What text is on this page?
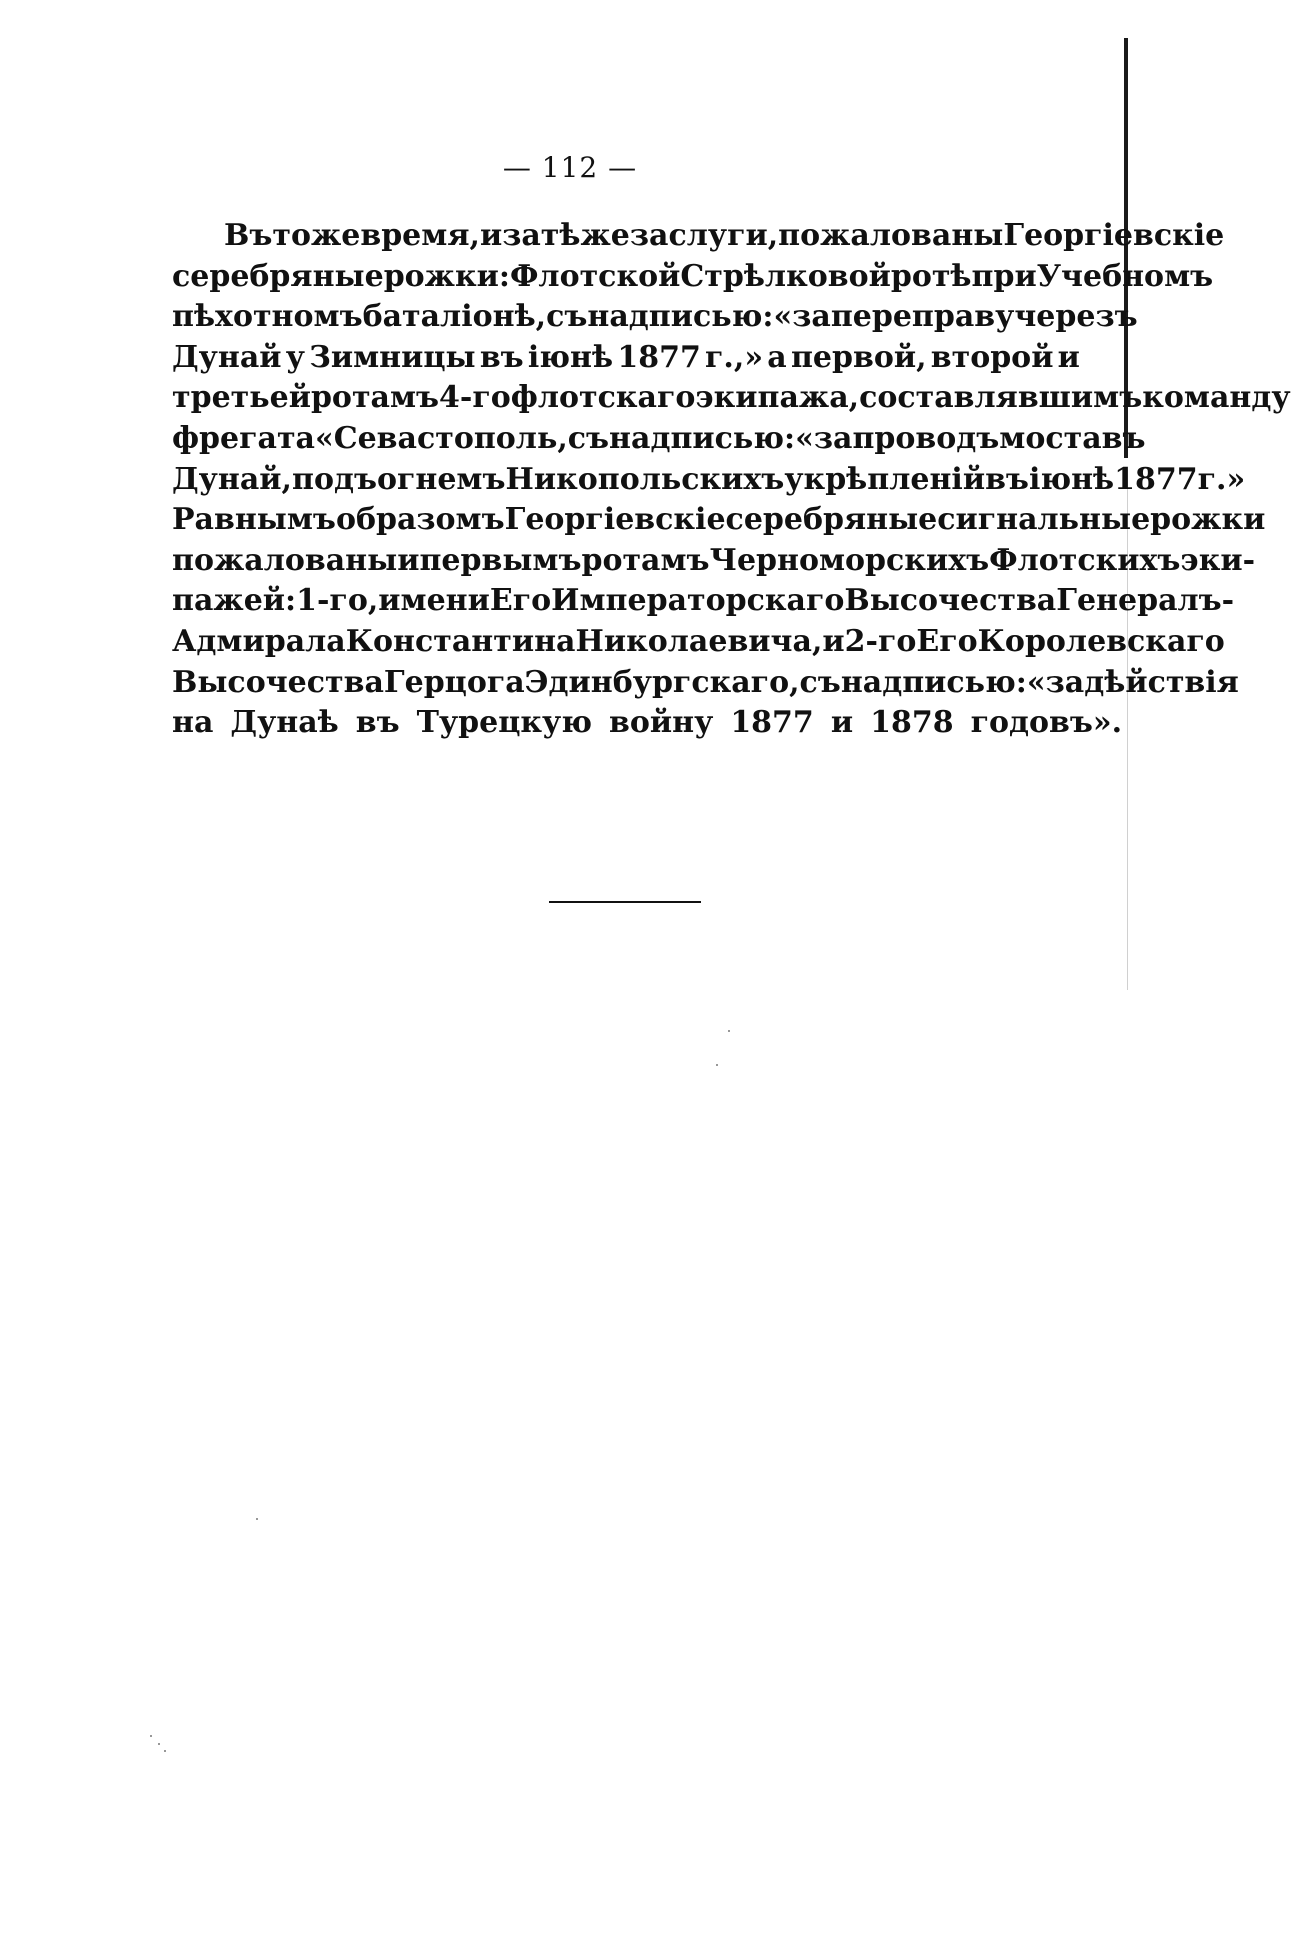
— 112 —
Въ тоже время, и за тѣ же заслуги, пожалованы Георгіевскіе
серебряные рожки: Флотской Стрѣлковой ротѣ при Учебномъ
пѣхотномъ баталіонѣ, съ надписью: «за переправу черезъ
Дунай у Зимницы въ іюнѣ 1877 г.,» а первой, второй и
третьей ротамъ 4-го флотскаго экипажа, составлявшимъ команду
фрегата «Севастополь, съ надписью: «за проводъ моста въ
Дунай, подъ огнемъ Никопольскихъ укрѣпленій въ іюнѣ 1877 г.»
Равнымъ образомъ Георгіевскіе серебряные сигнальные рожки
пожалованы и первымъ ротамъ Черноморскихъ Флотскихъ эки-
пажей: 1-го, имени Его Императорскаго Высочества Генералъ-
Адмирала Константина Николаевича, и 2-го Его Королевскаго
Высочества Герцога Эдинбургскаго, съ надписью: «за дѣйствія
на Дунаѣ въ Турецкую войну 1877 и 1878 годовъ».
